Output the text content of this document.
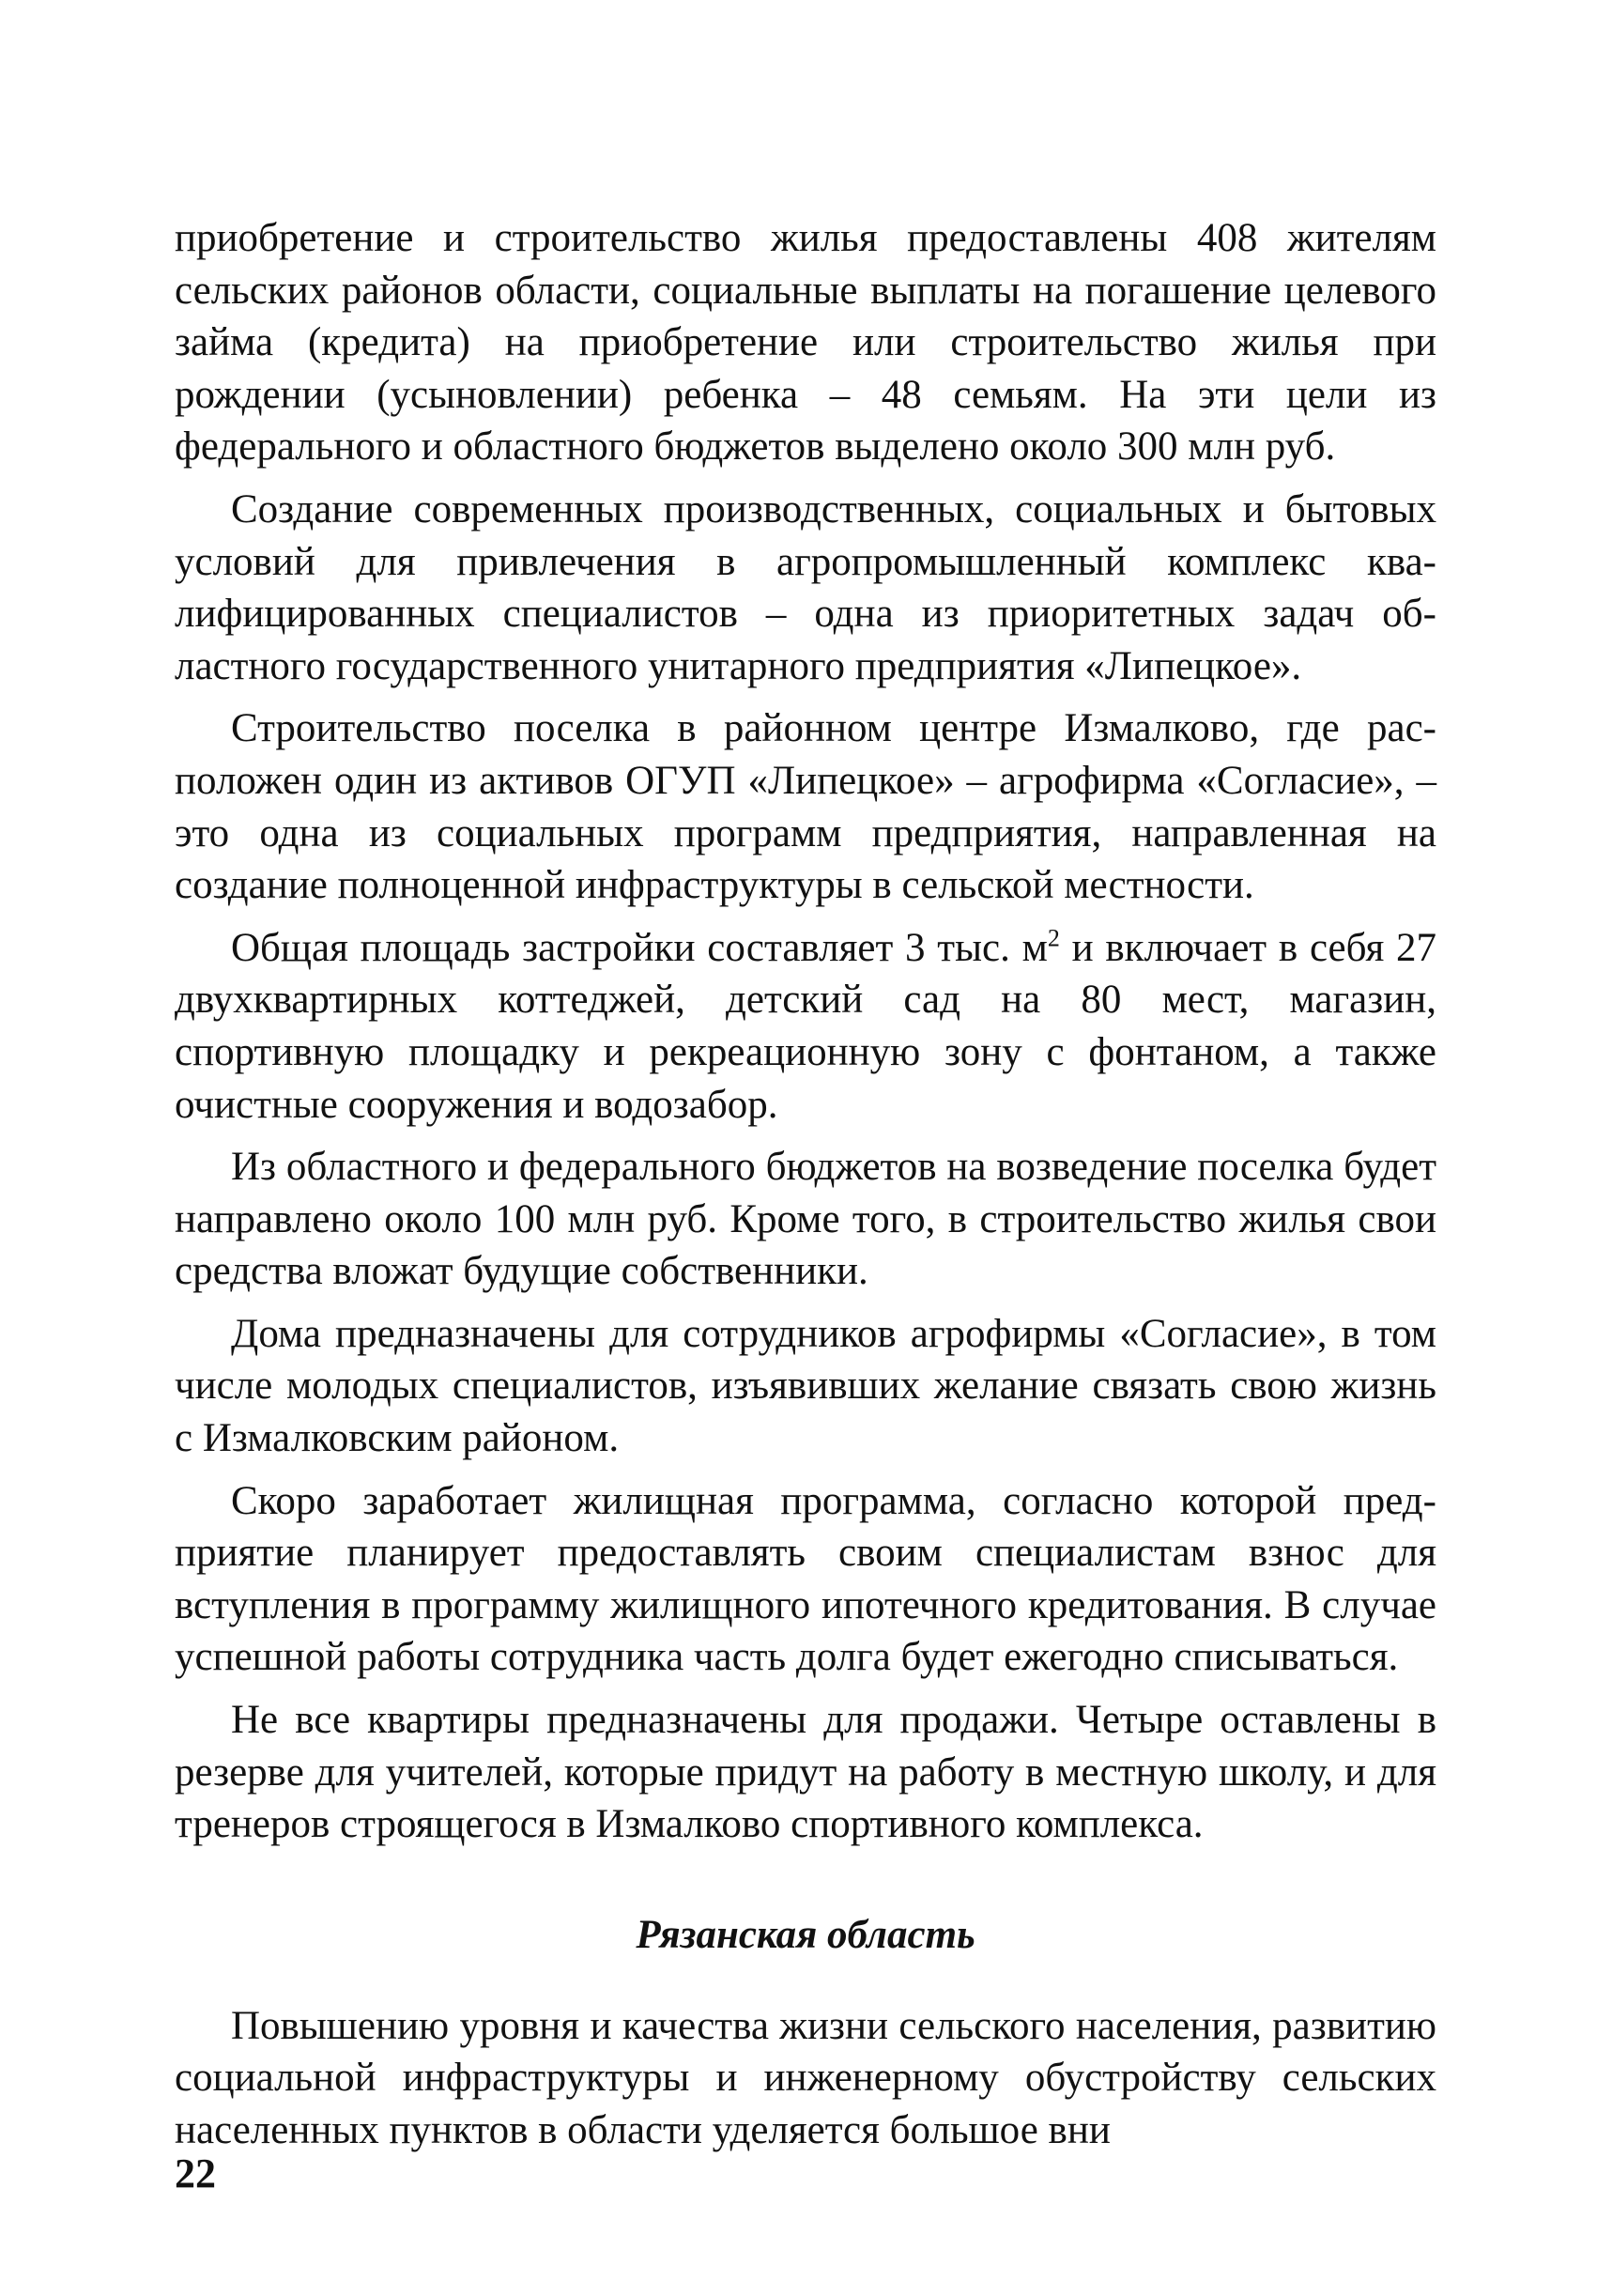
приобретение и строительство жилья предоставлены 408 жителям сельских районов области, социальные выплаты на погашение целевого займа (кредита) на приобретение или строительство жилья при рождении (усыновлении) ребенка – 48 семьям. На эти цели из федерального и областного бюджетов выделено около 300 млн руб.

Создание современных производственных, социальных и бытовых условий для привлечения в агропромышленный комплекс квалифицированных специалистов – одна из приоритетных задач областного государственного унитарного предприятия «Липецкое».

Строительство поселка в районном центре Измалково, где расположен один из активов ОГУП «Липецкое» – агрофирма «Согласие», – это одна из социальных программ предприятия, направленная на создание полноценной инфраструктуры в сельской местности.

Общая площадь застройки составляет 3 тыс. $м^2$ и включает в себя 27 двухквартирных коттеджей, детский сад на 80 мест, магазин, спортивную площадку и рекреационную зону с фонтаном, а также очистные сооружения и водозабор.

Из областного и федерального бюджетов на возведение поселка будет направлено около 100 млн руб. Кроме того, в строительство жилья свои средства вложат будущие собственники.

Дома предназначены для сотрудников агрофирмы «Согласие», в том числе молодых специалистов, изъявивших желание связать свою жизнь с Измалковским районом.

Скоро заработает жилищная программа, согласно которой предприятие планирует предоставлять своим специалистам взнос для вступления в программу жилищного ипотечного кредитования. В случае успешной работы сотрудника часть долга будет ежегодно списываться.

Не все квартиры предназначены для продажи. Четыре оставлены в резерве для учителей, которые придут на работу в местную школу, и для тренеров строящегося в Измалково спортивного комплекса.

Рязанская область

Повышению уровня и качества жизни сельского населения, развитию социальной инфраструктуры и инженерному обустройству сельских населенных пунктов в области уделяется большое вни

22
